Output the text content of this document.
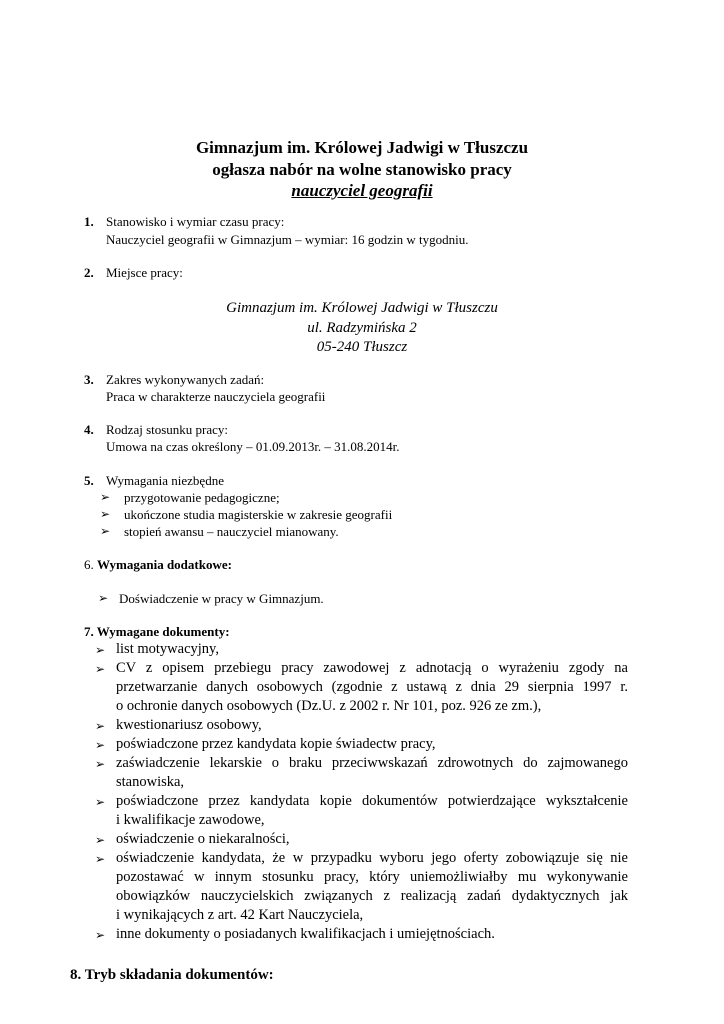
Gimnazjum im. Królowej Jadwigi w Tłuszczu
ogłasza nabór na wolne stanowisko pracy
nauczyciel geografii
1. Stanowisko i wymiar czasu pracy:
Nauczyciel geografii w Gimnazjum – wymiar: 16 godzin w tygodniu.
2. Miejsce pracy:
Gimnazjum im. Królowej Jadwigi w Tłuszczu
ul. Radzymińska 2
05-240 Tłuszcz
3. Zakres wykonywanych zadań:
Praca w charakterze nauczyciela geografii
4. Rodzaj stosunku pracy:
Umowa na czas określony – 01.09.2013r. – 31.08.2014r.
5. Wymagania niezbędne
➢ przygotowanie pedagogiczne;
➢ ukończone studia magisterskie w zakresie geografii
➢ stopień awansu – nauczyciel mianowany.
6. Wymagania dodatkowe:
➢ Doświadczenie w pracy w Gimnazjum.
7. Wymagane dokumenty:
➢ list motywacyjny,
➢ CV z opisem przebiegu pracy zawodowej z adnotacją o wyrażeniu zgody na
przetwarzanie danych osobowych (zgodnie z ustawą z dnia 29 sierpnia 1997 r.
o ochronie danych osobowych (Dz.U. z 2002 r. Nr 101, poz. 926 ze zm.),
➢ kwestionariusz osobowy,
➢ poświadczone przez kandydata kopie świadectw pracy,
➢ zaświadczenie lekarskie o braku przeciwwskazań zdrowotnych do zajmowanego
stanowiska,
➢ poświadczone przez kandydata kopie dokumentów potwierdzające wykształcenie
i kwalifikacje zawodowe,
➢ oświadczenie o niekaralności,
➢ oświadczenie kandydata, że w przypadku wyboru jego oferty zobowiązuje się nie
pozostawać w innym stosunku pracy, który uniemożliwiałby mu wykonywanie
obowiązków nauczycielskich związanych z realizacją zadań dydaktycznych jak
i wynikających z art. 42 Kart Nauczyciela,
➢ inne dokumenty o posiadanych kwalifikacjach i umiejętnościach.
8. Tryb składania dokumentów:
